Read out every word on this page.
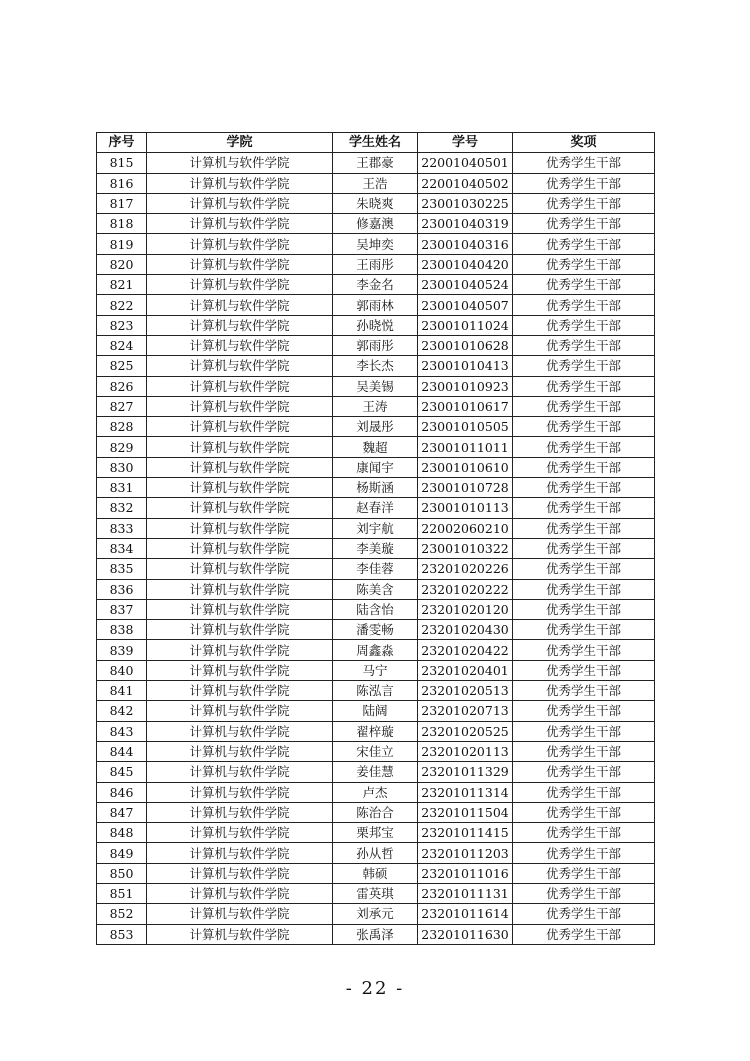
序号	学院	学生姓名	学号	奖项
815	计算机与软件学院	王郡豪	22001040501	优秀学生干部
816	计算机与软件学院	王浩	22001040502	优秀学生干部
817	计算机与软件学院	朱晓爽	23001030225	优秀学生干部
818	计算机与软件学院	修嘉澳	23001040319	优秀学生干部
819	计算机与软件学院	吴坤奕	23001040316	优秀学生干部
820	计算机与软件学院	王雨彤	23001040420	优秀学生干部
821	计算机与软件学院	李金名	23001040524	优秀学生干部
822	计算机与软件学院	郭雨林	23001040507	优秀学生干部
823	计算机与软件学院	孙晓悦	23001011024	优秀学生干部
824	计算机与软件学院	郭雨彤	23001010628	优秀学生干部
825	计算机与软件学院	李长杰	23001010413	优秀学生干部
826	计算机与软件学院	吴美锡	23001010923	优秀学生干部
827	计算机与软件学院	王涛	23001010617	优秀学生干部
828	计算机与软件学院	刘晟彤	23001010505	优秀学生干部
829	计算机与软件学院	魏超	23001011011	优秀学生干部
830	计算机与软件学院	康闻宇	23001010610	优秀学生干部
831	计算机与软件学院	杨斯涵	23001010728	优秀学生干部
832	计算机与软件学院	赵春洋	23001010113	优秀学生干部
833	计算机与软件学院	刘宇航	22002060210	优秀学生干部
834	计算机与软件学院	李美璇	23001010322	优秀学生干部
835	计算机与软件学院	李佳蓉	23201020226	优秀学生干部
836	计算机与软件学院	陈美含	23201020222	优秀学生干部
837	计算机与软件学院	陆含怡	23201020120	优秀学生干部
838	计算机与软件学院	潘雯畅	23201020430	优秀学生干部
839	计算机与软件学院	周鑫淼	23201020422	优秀学生干部
840	计算机与软件学院	马宁	23201020401	优秀学生干部
841	计算机与软件学院	陈泓言	23201020513	优秀学生干部
842	计算机与软件学院	陆阔	23201020713	优秀学生干部
843	计算机与软件学院	翟梓璇	23201020525	优秀学生干部
844	计算机与软件学院	宋佳立	23201020113	优秀学生干部
845	计算机与软件学院	姜佳慧	23201011329	优秀学生干部
846	计算机与软件学院	卢杰	23201011314	优秀学生干部
847	计算机与软件学院	陈治合	23201011504	优秀学生干部
848	计算机与软件学院	栗邦宝	23201011415	优秀学生干部
849	计算机与软件学院	孙从哲	23201011203	优秀学生干部
850	计算机与软件学院	韩硕	23201011016	优秀学生干部
851	计算机与软件学院	雷英琪	23201011131	优秀学生干部
852	计算机与软件学院	刘承元	23201011614	优秀学生干部
853	计算机与软件学院	张禹泽	23201011630	优秀学生干部
- 22 -
